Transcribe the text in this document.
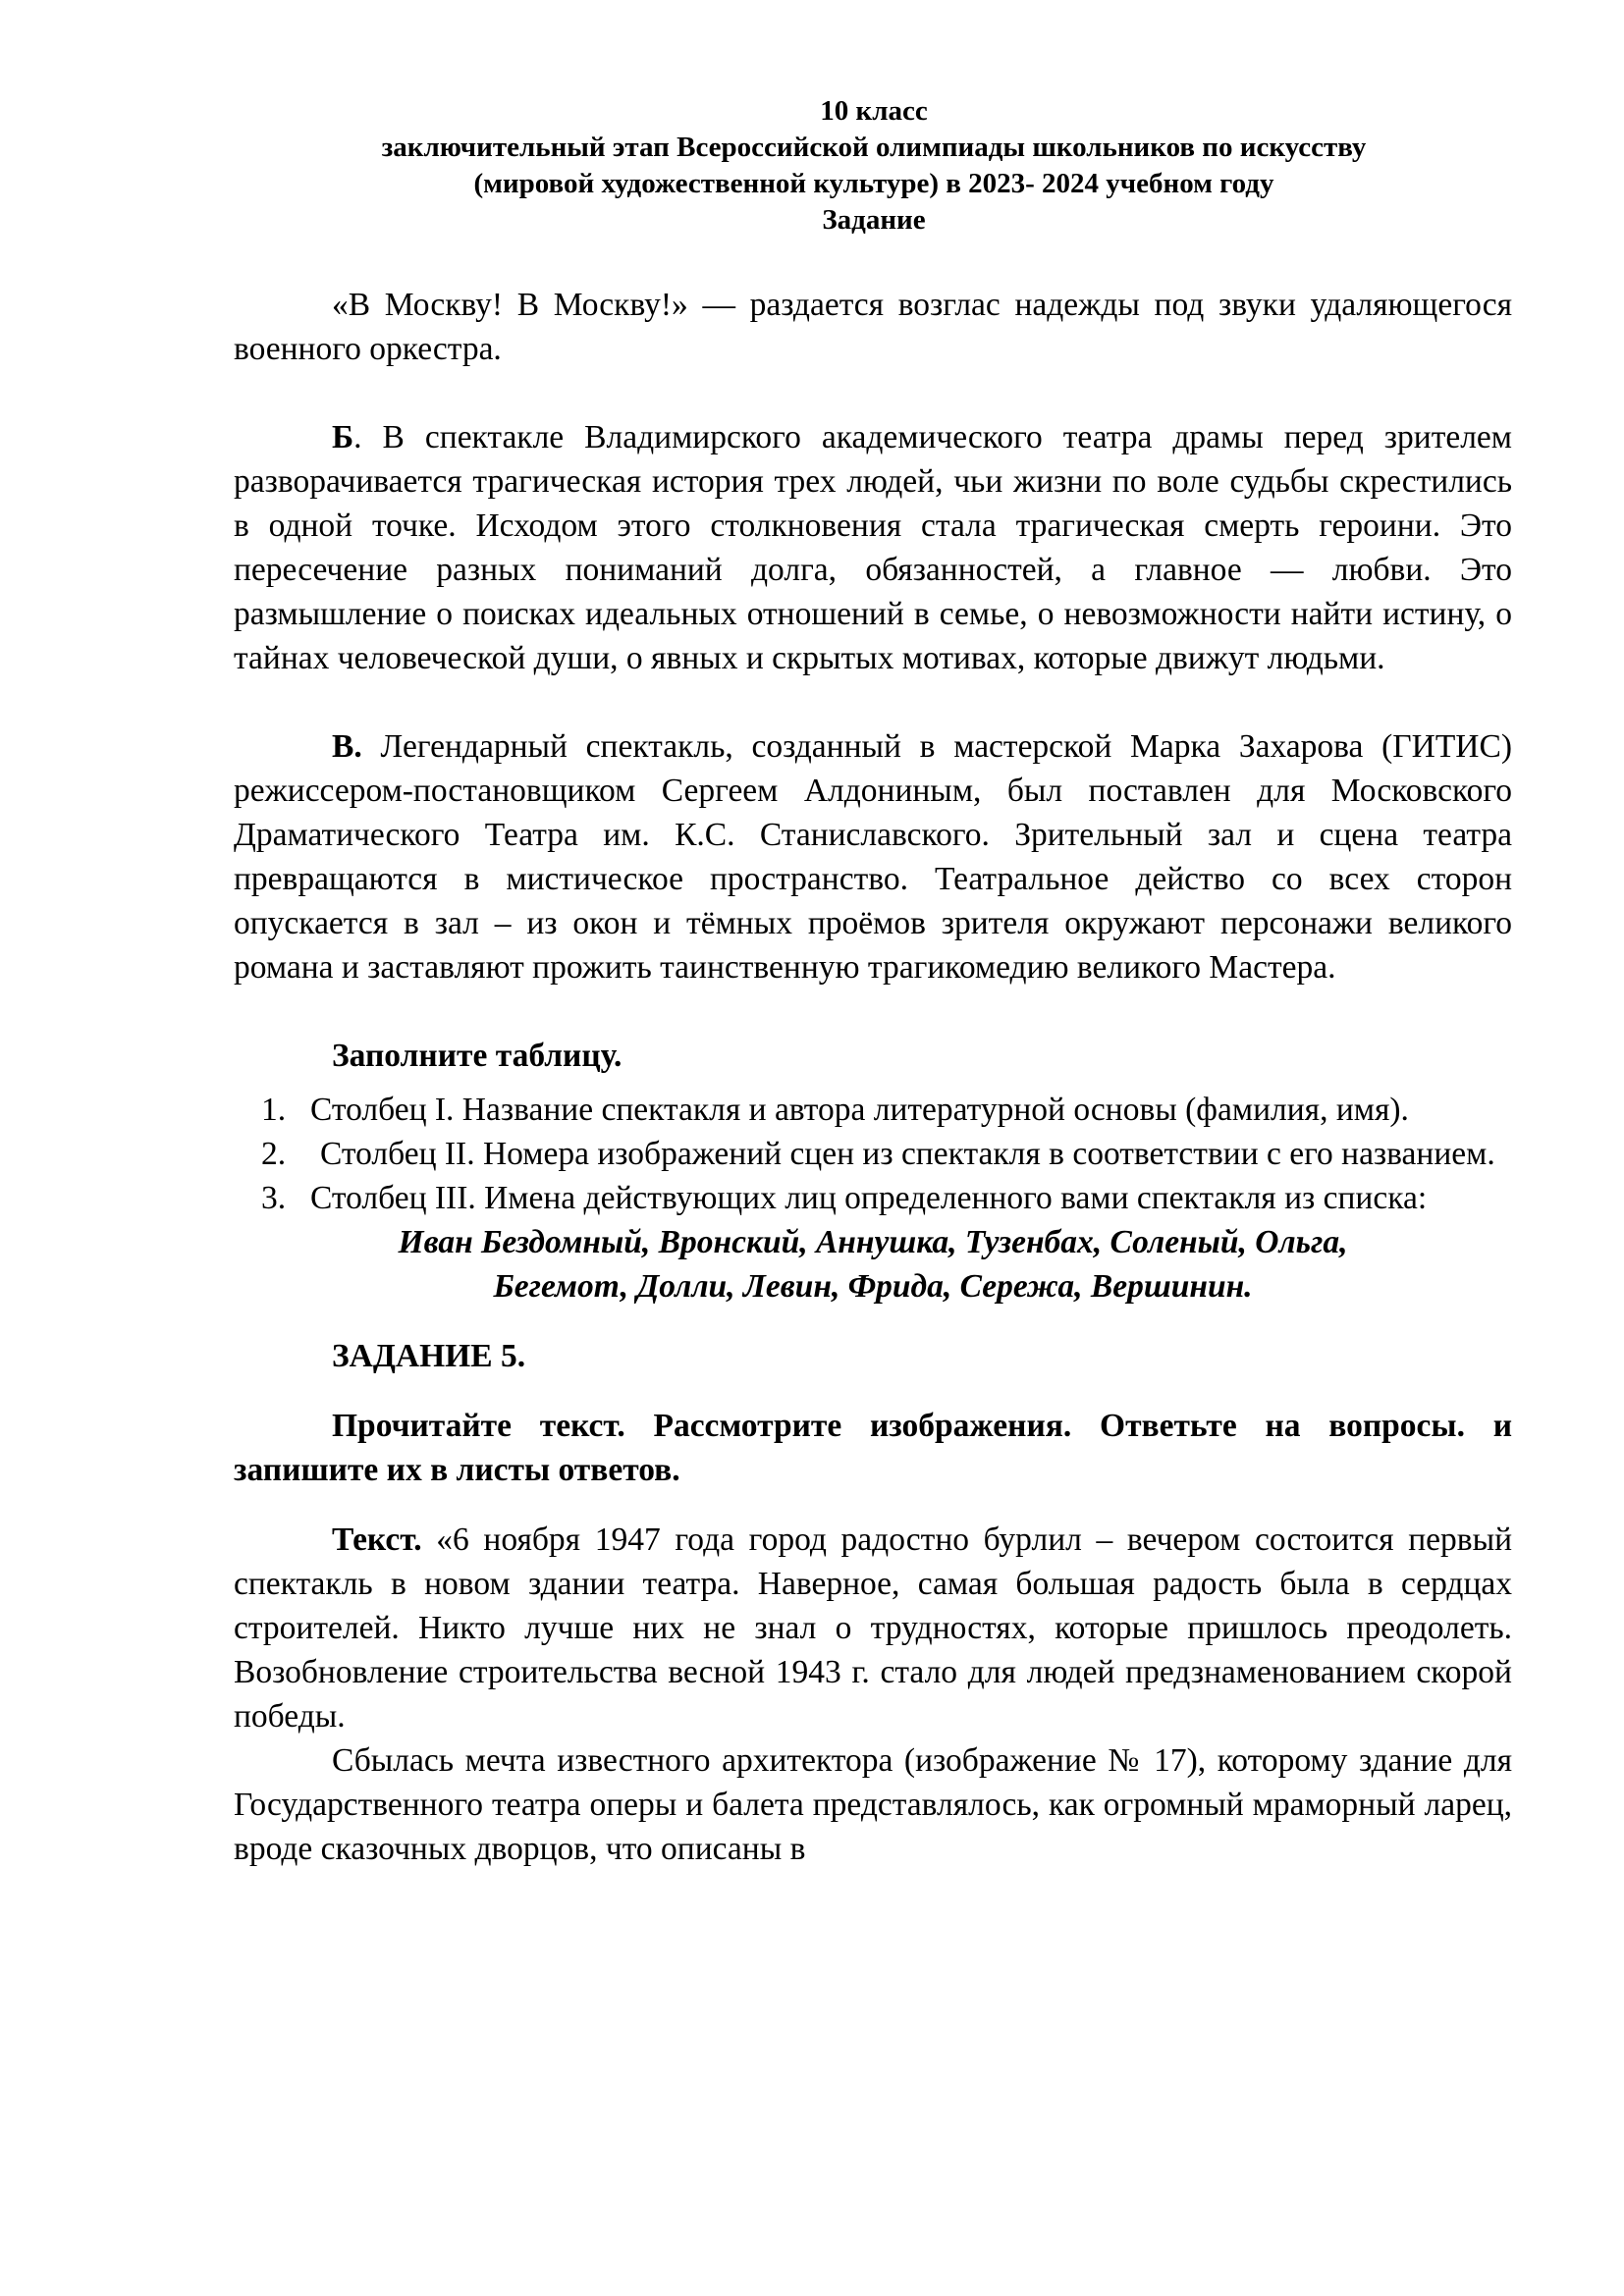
10 класс
заключительный этап Всероссийской олимпиады школьников по искусству
(мировой художественной культуре) в 2023- 2024 учебном году
Задание

«В Москву! В Москву!» — раздается возглас надежды под звуки удаляющегося военного оркестра.

Б. В спектакле Владимирского академического театра драмы перед зрителем разворачивается трагическая история трех людей, чьи жизни по воле судьбы скрестились в одной точке. Исходом этого столкновения стала трагическая смерть героини. Это пересечение разных пониманий долга, обязанностей, а главное — любви. Это размышление о поисках идеальных отношений в семье, о невозможности найти истину, о тайнах человеческой души, о явных и скрытых мотивах, которые движут людьми.

В. Легендарный спектакль, созданный в мастерской Марка Захарова (ГИТИС) режиссером-постановщиком Сергеем Алдониным, был поставлен для Московского Драматического Театра им. К.С. Станиславского. Зрительный зал и сцена театра превращаются в мистическое пространство. Театральное действо со всех сторон опускается в зал – из окон и тёмных проёмов зрителя окружают персонажи великого романа и заставляют прожить таинственную трагикомедию великого Мастера.

Заполните таблицу.

1. Столбец I. Название спектакля и автора литературной основы (фамилия, имя).
2. Столбец II. Номера изображений сцен из спектакля в соответствии с его названием.
3. Столбец III. Имена действующих лиц определенного вами спектакля из списка:
Иван Бездомный, Вронский, Аннушка, Тузенбах, Соленый, Ольга,
Бегемот, Долли, Левин, Фрида, Сережа, Вершинин.

ЗАДАНИЕ 5.

Прочитайте текст. Рассмотрите изображения. Ответьте на вопросы. и запишите их в листы ответов.

Текст. «6 ноября 1947 года город радостно бурлил – вечером состоится первый спектакль в новом здании театра. Наверное, самая большая радость была в сердцах строителей. Никто лучше них не знал о трудностях, которые пришлось преодолеть. Возобновление строительства весной 1943 г. стало для людей предзнаменованием скорой победы.

Сбылась мечта известного архитектора (изображение № 17), которому здание для Государственного театра оперы и балета представлялось, как огромный мраморный ларец, вроде сказочных дворцов, что описаны в
